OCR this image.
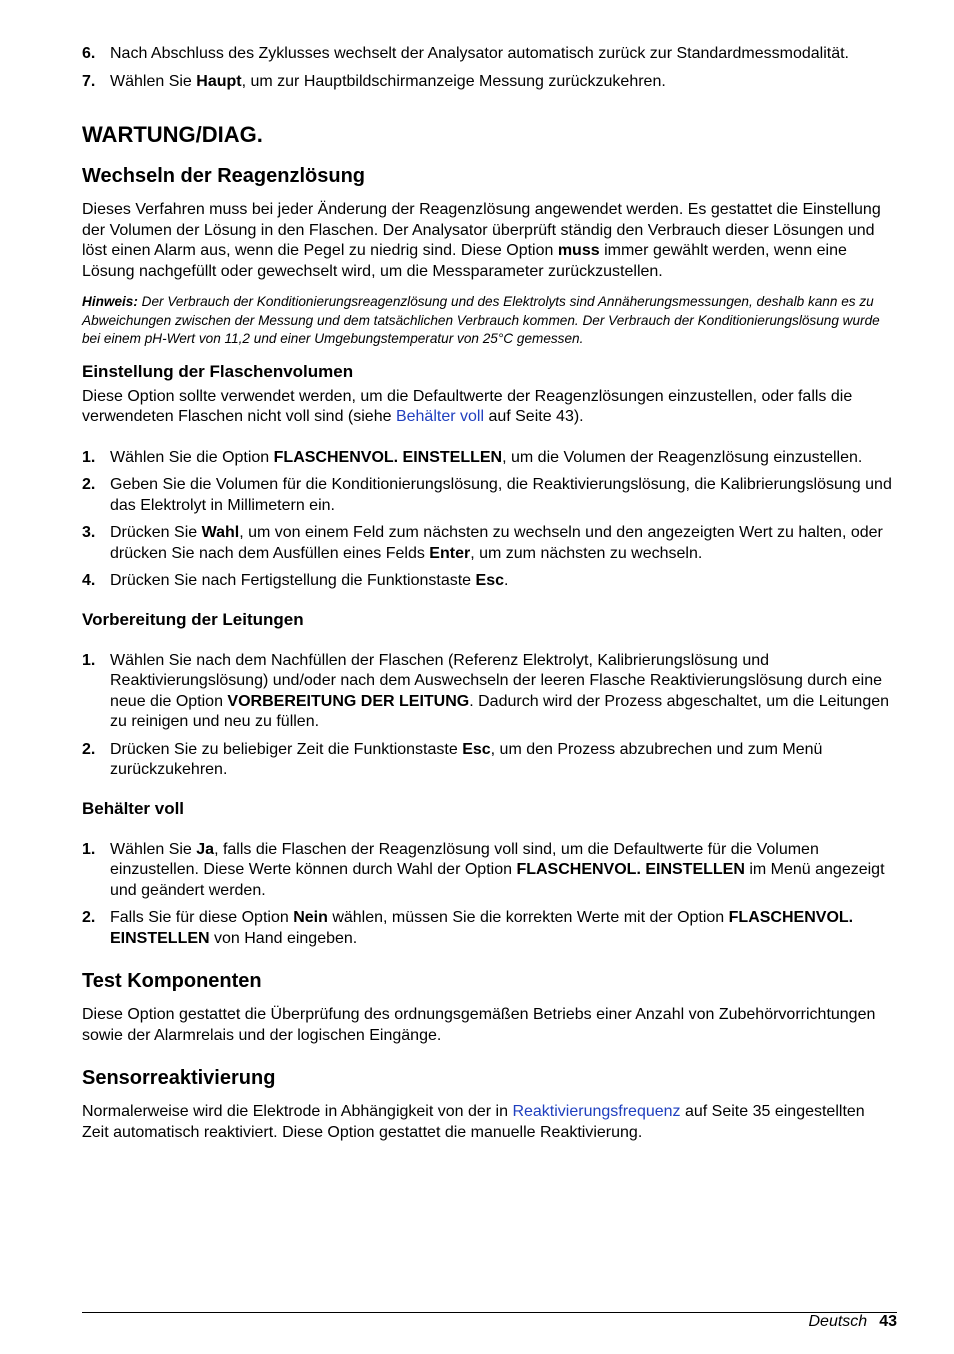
6. Nach Abschluss des Zyklusses wechselt der Analysator automatisch zurück zur Standardmessmodalität.
7. Wählen Sie Haupt, um zur Hauptbildschirmanzeige Messung zurückzukehren.
WARTUNG/DIAG.
Wechseln der Reagenzlösung

Dieses Verfahren muss bei jeder Änderung der Reagenzlösung angewendet werden. Es gestattet die Einstellung der Volumen der Lösung in den Flaschen. Der Analysator überprüft ständig den Verbrauch dieser Lösungen und löst einen Alarm aus, wenn die Pegel zu niedrig sind. Diese Option muss immer gewählt werden, wenn eine Lösung nachgefüllt oder gewechselt wird, um die Messparameter zurückzustellen.

Hinweis: Der Verbrauch der Konditionierungsreagenzlösung und des Elektrolyts sind Annäherungsmessungen, deshalb kann es zu Abweichungen zwischen der Messung und dem tatsächlichen Verbrauch kommen. Der Verbrauch der Konditionierungslösung wurde bei einem pH-Wert von 11,2 und einer Umgebungstemperatur von 25°C gemessen.

Einstellung der Flaschenvolumen

Diese Option sollte verwendet werden, um die Defaultwerte der Reagenzlösungen einzustellen, oder falls die verwendeten Flaschen nicht voll sind (siehe Behälter voll auf Seite 43).

1. Wählen Sie die Option FLASCHENVOL. EINSTELLEN, um die Volumen der Reagenzlösung einzustellen.
2. Geben Sie die Volumen für die Konditionierungslösung, die Reaktivierungslösung, die Kalibrierungslösung und das Elektrolyt in Millimetern ein.
3. Drücken Sie Wahl, um von einem Feld zum nächsten zu wechseln und den angezeigten Wert zu halten, oder drücken Sie nach dem Ausfüllen eines Felds Enter, um zum nächsten zu wechseln.
4. Drücken Sie nach Fertigstellung die Funktionstaste Esc.
Vorbereitung der Leitungen
1. Wählen Sie nach dem Nachfüllen der Flaschen (Referenz Elektrolyt, Kalibrierungslösung und Reaktivierungslösung) und/oder nach dem Auswechseln der leeren Flasche Reaktivierungslösung durch eine neue die Option VORBEREITUNG DER LEITUNG. Dadurch wird der Prozess abgeschaltet, um die Leitungen zu reinigen und neu zu füllen.
2. Drücken Sie zu beliebiger Zeit die Funktionstaste Esc, um den Prozess abzubrechen und zum Menü zurückzukehren.
Behälter voll
1. Wählen Sie Ja, falls die Flaschen der Reagenzlösung voll sind, um die Defaultwerte für die Volumen einzustellen. Diese Werte können durch Wahl der Option FLASCHENVOL. EINSTELLEN im Menü angezeigt und geändert werden.
2. Falls Sie für diese Option Nein wählen, müssen Sie die korrekten Werte mit der Option FLASCHENVOL. EINSTELLEN von Hand eingeben.
Test Komponenten

Diese Option gestattet die Überprüfung des ordnungsgemäßen Betriebs einer Anzahl von Zubehörvorrichtungen sowie der Alarmrelais und der logischen Eingänge.

Sensorreaktivierung

Normalerweise wird die Elektrode in Abhängigkeit von der in Reaktivierungsfrequenz auf Seite 35 eingestellten Zeit automatisch reaktiviert. Diese Option gestattet die manuelle Reaktivierung.

Deutsch 43
